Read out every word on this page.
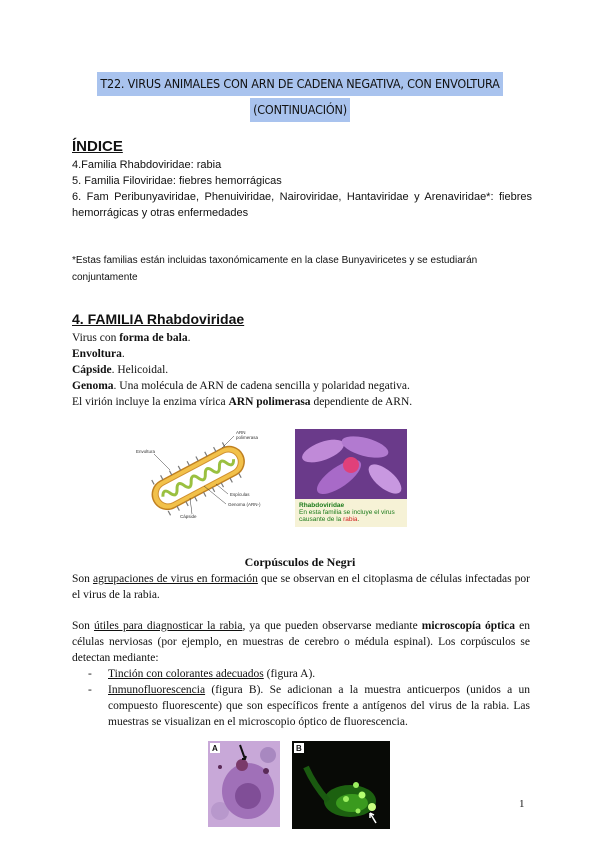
T22. VIRUS ANIMALES CON ARN DE CADENA NEGATIVA, CON ENVOLTURA
(CONTINUACIÓN)
ÍNDICE
4.Familia Rhabdoviridae: rabia
5. Familia Filoviridae: fiebres hemorrágicas
6. Fam Peribunyaviridae, Phenuiviridae, Nairoviridae, Hantaviridae y Arenaviridae*: fiebres hemorrágicas y otras enfermedades
*Estas familias están incluidas taxonómicamente en la clase Bunyaviricetes y se estudiarán conjuntamente
4. FAMILIA Rhabdoviridae

Virus con forma de bala.

Envoltura.

Cápside. Helicoidal.

Genoma. Una molécula de ARN de cadena sencilla y polaridad negativa.

El virión incluye la enzima vírica ARN polimerasa dependiente de ARN.

ARN
polimerasa
Envoltura
Espículas
Genoma (ARN-)
Cápside
Rhabdoviridae
En esta familia se incluye el virus
causante de la rabia.
Corpúsculos de Negri

Son agrupaciones de virus en formación que se observan en el citoplasma de células infectadas por el virus de la rabia.

Son útiles para diagnosticar la rabia, ya que pueden observarse mediante microscopía óptica en células nerviosas (por ejemplo, en muestras de cerebro o médula espinal). Los corpúsculos se detectan mediante:

- Tinción con colorantes adecuados (figura A).
- Inmunofluorescencia (figura B). Se adicionan a la muestra anticuerpos (unidos a un compuesto fluorescente) que son específicos frente a antígenos del virus de la rabia. Las muestras se visualizan en el microscopio óptico de fluorescencia.
A	B
1
